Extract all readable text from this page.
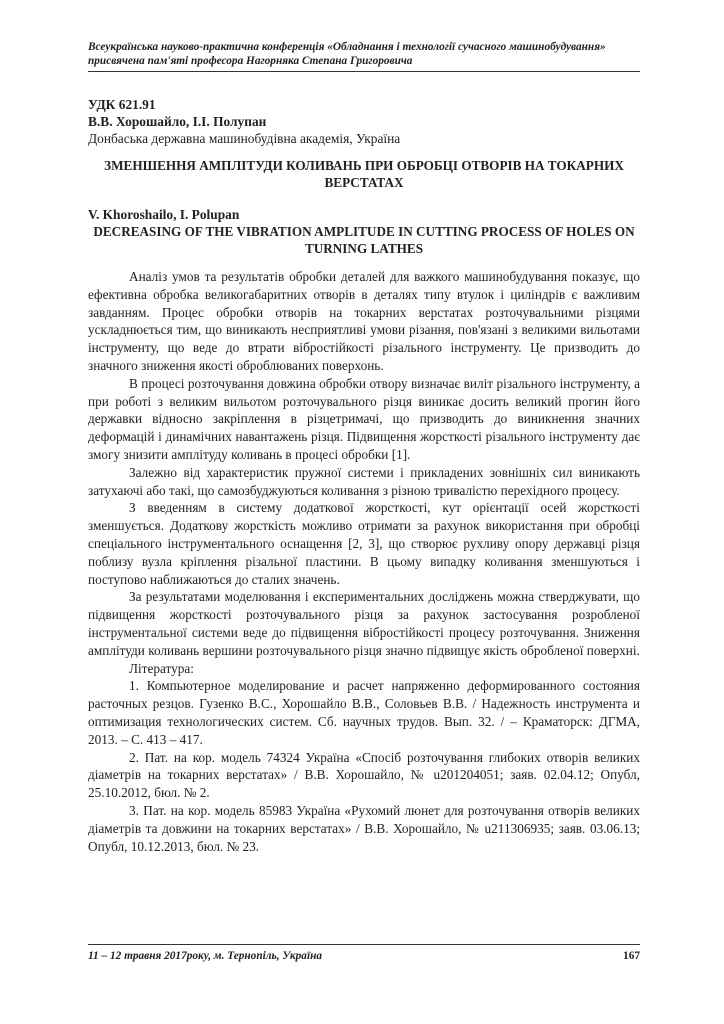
Всеукраїнська науково-практична конференція «Обладнання і технології сучасного машинобудування»
присвячена пам'яті професора Нагорняка Степана Григоровича
УДК 621.91
В.В. Хорошайло, І.І. Полупан
Донбаська державна машинобудівна академія, Україна
ЗМЕНШЕННЯ АМПЛІТУДИ КОЛИВАНЬ ПРИ ОБРОБЦІ ОТВОРІВ НА ТОКАРНИХ ВЕРСТАТАХ
V. Khoroshailo, I. Polupan
DECREASING OF THE VIBRATION AMPLITUDE IN CUTTING PROCESS OF HOLES ON TURNING LATHES

Аналіз умов та результатів обробки деталей для важкого машинобудування показує, що ефективна обробка великогабаритних отворів в деталях типу втулок і циліндрів є важливим завданням. Процес обробки отворів на токарних верстатах розточувальними різцями ускладнюється тим, що виникають несприятливі умови різання, пов'язані з великими вильотами інструменту, що веде до втрати вібростійкості різального інструменту. Це призводить до значного зниження якості оброблюваних поверхонь.

В процесі розточування довжина обробки отвору визначає виліт різального інструменту, а при роботі з великим вильотом розточувального різця виникає досить великий прогин його державки відносно закріплення в різцетримачі, що призводить до виникнення значних деформацій і динамічних навантажень різця. Підвищення жорсткості різального інструменту дає змогу знизити амплітуду коливань в процесі обробки [1].

Залежно від характеристик пружної системи і прикладених зовнішніх сил виникають затухаючі або такі, що самозбуджуються коливання з різною тривалістю перехідного процесу.

З введенням в систему додаткової жорсткості, кут орієнтації осей жорсткості зменшується. Додаткову жорсткість можливо отримати за рахунок використання при обробці спеціального інструментального оснащення [2, 3], що створює рухливу опору державці різця поблизу вузла кріплення різальної пластини. В цьому випадку коливання зменшуються і поступово наближаються до сталих значень.

За результатами моделювання і експериментальних досліджень можна стверджувати, що підвищення жорсткості розточувального різця за рахунок застосування розробленої інструментальної системи веде до підвищення вібростійкості процесу розточування. Зниження амплітуди коливань вершини розточувального різця значно підвищує якість обробленої поверхні.

Література:

1. Компьютерное моделирование и расчет напряженно деформированного состояния расточных резцов. Гузенко В.С., Хорошайло В.В., Соловьев В.В. / Надежность инструмента и оптимизация технологических систем. Сб. научных трудов. Вып. 32. / – Краматорск: ДГМА, 2013. – С. 413 – 417.

2. Пат. на кор. модель 74324 Україна «Спосіб розточування глибоких отворів великих діаметрів на токарних верстатах» / В.В. Хорошайло, № u201204051; заяв. 02.04.12; Опубл, 25.10.2012, бюл. № 2.

3. Пат. на кор. модель 85983 Україна «Рухомий люнет для розточування отворів великих діаметрів та довжини на токарних верстатах» / В.В. Хорошайло, № u211306935; заяв. 03.06.13; Опубл, 10.12.2013, бюл. № 23.

11 – 12 травня 2017року, м. Тернопіль, Україна	167
